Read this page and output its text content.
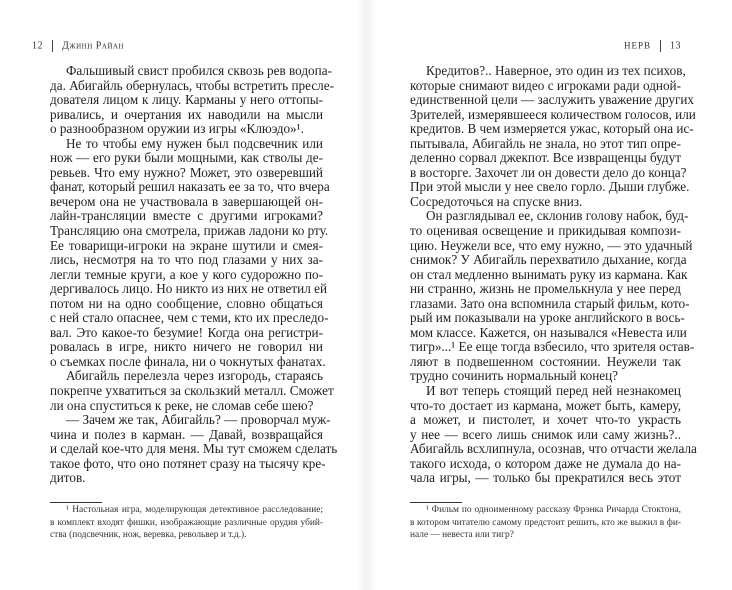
12 Джинн Райан
Фальшивый свист пробился сквозь рев водопа-
да. Абигайль обернулась, чтобы встретить пресле-
дователя лицом к лицу. Карманы у него оттопы-
ривались, и очертания их наводили на мысли
о разнообразном оружии из игры «Клюэдо»¹.
Не то чтобы ему нужен был подсвечник или
нож — его руки были мощными, как стволы де-
ревьев. Что ему нужно? Может, это озверевший
фанат, который решил наказать ее за то, что вчера
вечером она не участвовала в завершающей он-
лайн-трансляции вместе с другими игроками?
Трансляцию она смотрела, прижав ладони ко рту.
Ее товарищи-игроки на экране шутили и смея-
лись, несмотря на то что под глазами у них за-
легли темные круги, а кое у кого судорожно по-
дергивалось лицо. Но никто из них не ответил ей
потом ни на одно сообщение, словно общаться
с ней стало опаснее, чем с теми, кто их преследо-
вал. Это какое-то безумие! Когда она регистри-
ровалась в игре, никто ничего не говорил ни
о съемках после финала, ни о чокнутых фанатах.
Абигайль перелезла через изгородь, стараясь
покрепче ухватиться за скользкий металл. Сможет
ли она спуститься к реке, не сломав себе шею?
— Зачем же так, Абигайль? — проворчал муж-
чина и полез в карман. — Давай, возвращайся
и сделай кое-что для меня. Мы тут сможем сделать
такое фото, что оно потянет сразу на тысячу кре-
дитов.
¹ Настольная игра, моделирующая детективное расследование;
в комплект входят фишки, изображающие различные орудия убий-
ства (подсвечник, нож, веревка, револьвер и т.д.).
НЕРВ 13
Кредитов?.. Наверное, это один из тех психов,
которые снимают видео с игроками ради одной-
единственной цели — заслужить уважение других
Зрителей, измерявшееся количеством голосов, или
кредитов. В чем измеряется ужас, который она ис-
пытывала, Абигайль не знала, но этот тип опре-
деленно сорвал джекпот. Все извращенцы будут
в восторге. Захочет ли он довести дело до конца?
При этой мысли у нее свело горло. Дыши глубже.
Сосредоточься на спуске вниз.
Он разглядывал ее, склонив голову набок, буд-
то оценивая освещение и прикидывая компози-
цию. Неужели все, что ему нужно, — это удачный
снимок? У Абигайль перехватило дыхание, когда
он стал медленно вынимать руку из кармана. Как
ни странно, жизнь не промелькнула у нее перед
глазами. Зато она вспомнила старый фильм, кото-
рый им показывали на уроке английского в вось-
мом классе. Кажется, он назывался «Невеста или
тигр»...¹ Ее еще тогда взбесило, что зрителя остав-
ляют в подвешенном состоянии. Неужели так
трудно сочинить нормальный конец?
И вот теперь стоящий перед ней незнакомец
что-то достает из кармана, может быть, камеру,
а может, и пистолет, и хочет что-то украсть
у нее — всего лишь снимок или саму жизнь?..
Абигайль всхлипнула, осознав, что отчасти желала
такого исхода, о котором даже не думала до на-
чала игры, — только бы прекратился весь этот
¹ Фильм по одноименному рассказу Фрэнка Ричарда Стоктона,
в котором читателю самому предстоит решить, кто же выжил в фи-
нале — невеста или тигр?
